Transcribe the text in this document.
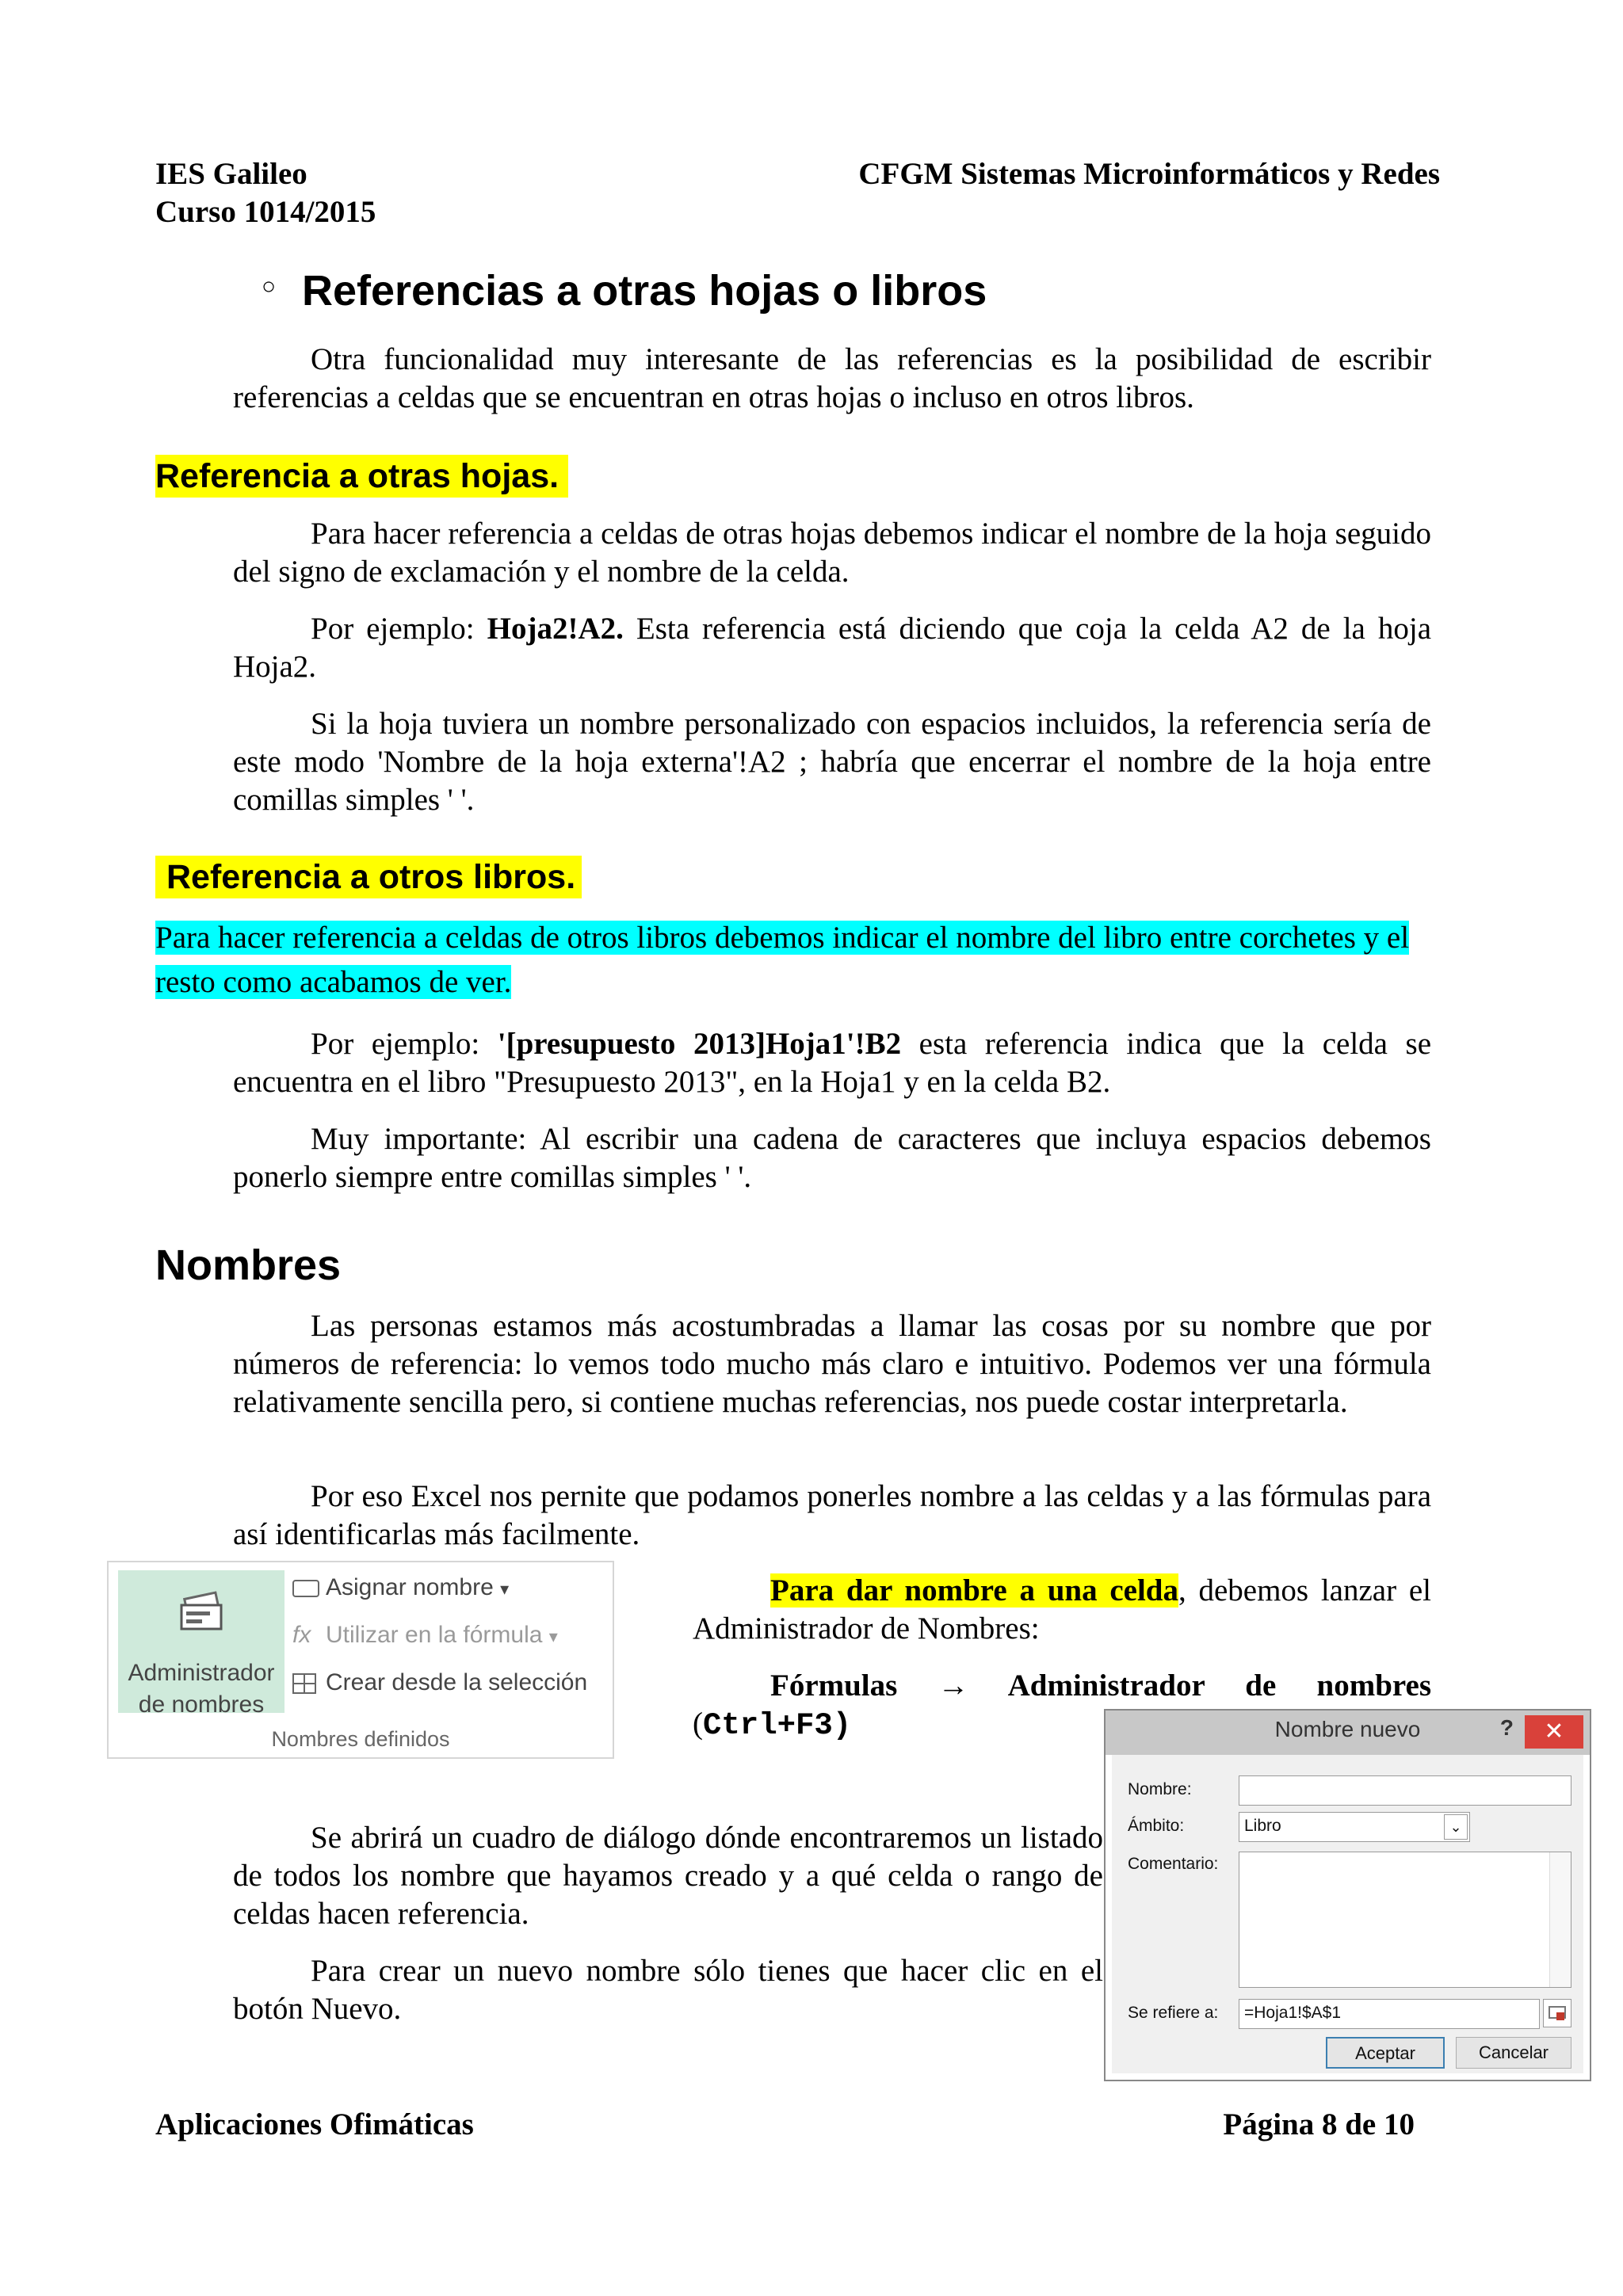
IES Galileo
Curso 1014/2015
CFGM Sistemas Microinformáticos y Redes
○ Referencias a otras hojas o libros

Otra funcionalidad muy interesante de las referencias es la posibilidad de escribir referencias a celdas que se encuentran en otras hojas o incluso en otros libros.

Referencia a otras hojas.

Para hacer referencia a celdas de otras hojas debemos indicar el nombre de la hoja seguido del signo de exclamación y el nombre de la celda.

Por ejemplo: Hoja2!A2. Esta referencia está diciendo que coja la celda A2 de la hoja Hoja2.

Si la hoja tuviera un nombre personalizado con espacios incluidos, la referencia sería de este modo 'Nombre de la hoja externa'!A2 ; habría que encerrar el nombre de la hoja entre comillas simples ' '.

Referencia a otros libros.

Para hacer referencia a celdas de otros libros debemos indicar el nombre del libro entre corchetes y el resto como acabamos de ver.

Por ejemplo: '[presupuesto 2013]Hoja1'!B2 esta referencia indica que la celda se encuentra en el libro "Presupuesto 2013", en la Hoja1 y en la celda B2.

Muy importante: Al escribir una cadena de caracteres que incluya espacios debemos ponerlo siempre entre comillas simples ' '.

Nombres

Las personas estamos más acostumbradas a llamar las cosas por su nombre que por números de referencia: lo vemos todo mucho más claro e intuitivo. Podemos ver una fórmula relativamente sencilla pero, si contiene muchas referencias, nos puede costar interpretarla.

Por eso Excel nos pernite que podamos ponerles nombre a las celdas y a las fórmulas para así identificarlas más facilmente.

Administrador
de nombres
Asignar nombre ▾
fx Utilizar en la fórmula ▾
Crear desde la selección
Nombres definidos

Para dar nombre a una celda, debemos lanzar el Administrador de Nombres:

Fórmulas → Administrador de nombres
(Ctrl+F3)

Se abrirá un cuadro de diálogo dónde encontraremos un listado de todos los nombre que hayamos creado y a qué celda o rango de celdas hacen referencia.

Para crear un nuevo nombre sólo tienes que hacer clic en el botón Nuevo.

Nombre nuevo	?	✕
Nombre:
Ámbito:	Libro	⌄
Comentario:
Se refiere a:	=Hoja1!$A$1
Aceptar	Cancelar
Aplicaciones Ofimáticas	Página 8 de 10
